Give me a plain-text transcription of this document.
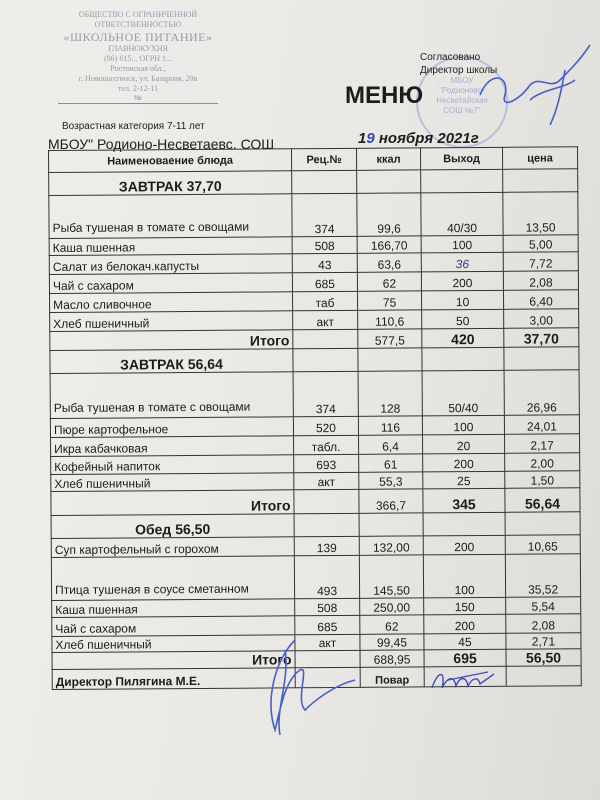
ОБЩЕСТВО С ОГРАНИЧЕННОЙ
ОТВЕТСТВЕННОСТЬЮ
«ШКОЛЬНОЕ ПИТАНИЕ»
ГЛАВНОКУХНЯ
(86) 615... ОГРН 1...
Ростовская обл.,
г. Новошахтинск, ул. Базарная, 20в
тел. 2-12-11
№
Возрастная категория 7-11 лет
МБОУ" Родионо-Несветаевс. СОШ
МБОУ
"Родионово-
Несветайская
СОШ №7"
Согласовано
Директор школы
МЕНЮ
19 ноября 2021г
Наименоваение блюда	Рец.№	ккал	Выход	цена
ЗАВТРАК 37,70				
Рыба тушеная в томате с овощами	374	99,6	40/30	13,50
Каша пшенная	508	166,70	100	5,00
Салат из белокач.капусты	43	63,6	36	7,72
Чай с сахаром	685	62	200	2,08
Масло сливочное	таб	75	10	6,40
Хлеб пшеничный	акт	110,6	50	3,00
Итого		577,5	420	37,70
ЗАВТРАК 56,64				
Рыба тушеная в томате с овощами	374	128	50/40	26,96
Пюре картофельное	520	116	100	24,01
Икра кабачковая	табл.	6,4	20	2,17
Кофейный напиток	693	61	200	2,00
Хлеб пшеничный	акт	55,3	25	1,50
Итого		366,7	345	56,64
Обед 56,50				
Суп картофельный с горохом	139	132,00	200	10,65
Птица тушеная в соусе сметанном	493	145,50	100	35,52
Каша пшенная	508	250,00	150	5,54
Чай с сахаром	685	62	200	2,08
Хлеб пшеничный	акт	99,45	45	2,71
Итого		688,95	695	56,50
Директор Пилягина М.Е.		Повар		
